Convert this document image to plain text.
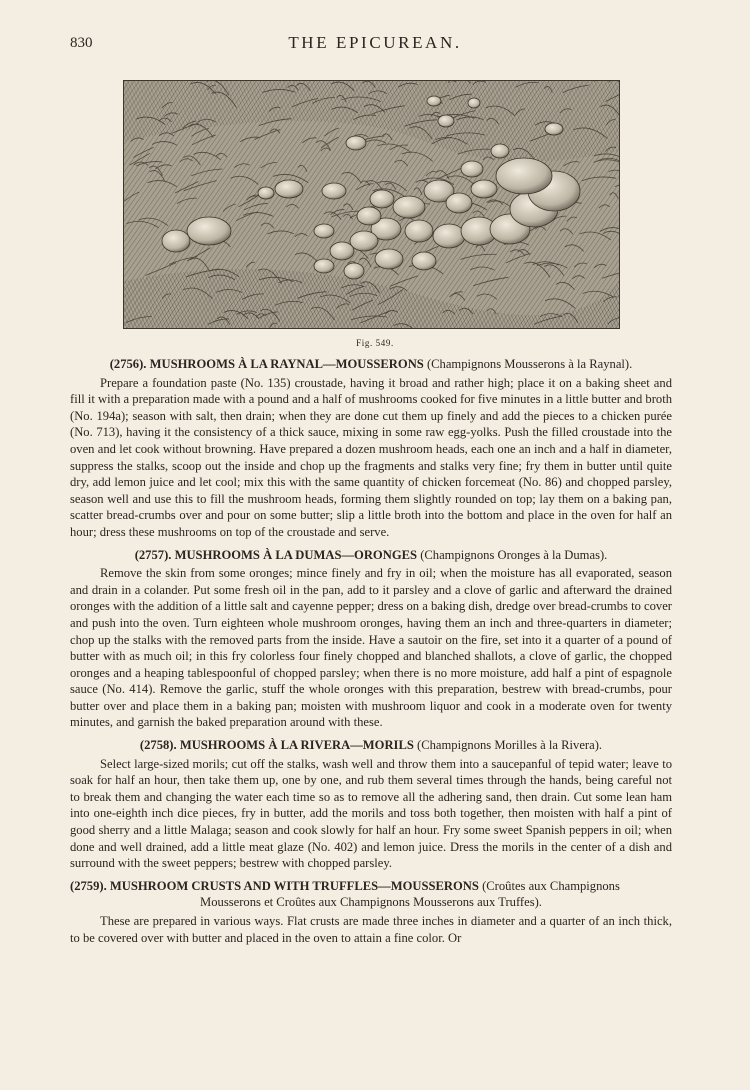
830	THE EPICUREAN.
Fig. 549.
(2756). MUSHROOMS À LA RAYNAL—MOUSSERONS (Champignons Mousserons à la Raynal).

Prepare a foundation paste (No. 135) croustade, having it broad and rather high; place it on a baking sheet and fill it with a preparation made with a pound and a half of mushrooms cooked for five minutes in a little butter and broth (No. 194a); season with salt, then drain; when they are done cut them up finely and add the pieces to a chicken purée (No. 713), having it the consistency of a thick sauce, mixing in some raw egg-yolks. Push the filled croustade into the oven and let cook without browning. Have prepared a dozen mushroom heads, each one an inch and a half in diameter, suppress the stalks, scoop out the inside and chop up the fragments and stalks very fine; fry them in butter until quite dry, add lemon juice and let cool; mix this with the same quantity of chicken forcemeat (No. 86) and chopped parsley, season well and use this to fill the mushroom heads, forming them slightly rounded on top; lay them on a baking pan, scatter bread-crumbs over and pour on some butter; slip a little broth into the bottom and place in the oven for half an hour; dress these mushrooms on top of the croustade and serve.

(2757). MUSHROOMS À LA DUMAS—ORONGES (Champignons Oronges à la Dumas).

Remove the skin from some oronges; mince finely and fry in oil; when the moisture has all evaporated, season and drain in a colander. Put some fresh oil in the pan, add to it parsley and a clove of garlic and afterward the drained oronges with the addition of a little salt and cayenne pepper; dress on a baking dish, dredge over bread-crumbs to cover and push into the oven. Turn eighteen whole mushroom oronges, having them an inch and three-quarters in diameter; chop up the stalks with the removed parts from the inside. Have a sautoir on the fire, set into it a quarter of a pound of butter with as much oil; in this fry colorless four finely chopped and blanched shallots, a clove of garlic, the chopped oronges and a heaping tablespoonful of chopped parsley; when there is no more moisture, add half a pint of espagnole sauce (No. 414). Remove the garlic, stuff the whole oronges with this preparation, bestrew with bread-crumbs, pour butter over and place them in a baking pan; moisten with mushroom liquor and cook in a moderate oven for twenty minutes, and garnish the baked preparation around with these.

(2758). MUSHROOMS À LA RIVERA—MORILS (Champignons Morilles à la Rivera).

Select large-sized morils; cut off the stalks, wash well and throw them into a saucepanful of tepid water; leave to soak for half an hour, then take them up, one by one, and rub them several times through the hands, being careful not to break them and changing the water each time so as to remove all the adhering sand, then drain. Cut some lean ham into one-eighth inch dice pieces, fry in butter, add the morils and toss both together, then moisten with half a pint of good sherry and a little Malaga; season and cook slowly for half an hour. Fry some sweet Spanish peppers in oil; when done and well drained, add a little meat glaze (No. 402) and lemon juice. Dress the morils in the center of a dish and surround with the sweet peppers; bestrew with chopped parsley.

(2759). MUSHROOM CRUSTS AND WITH TRUFFLES—MOUSSERONS (Croûtes aux Champignons
Mousserons et Croûtes aux Champignons Mousserons aux Truffes).

These are prepared in various ways. Flat crusts are made three inches in diameter and a quarter of an inch thick, to be covered over with butter and placed in the oven to attain a fine color. Or
